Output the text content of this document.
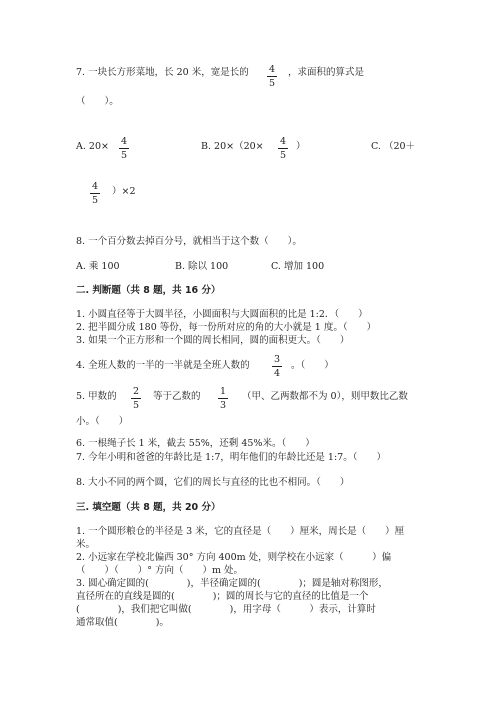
7. 一块长方形菜地，长 20 米，宽是长的	4
5
，求面积的算式是
（　　）。
A. 20×	4
5
B. 20×（20×	4
5
）	C. （20＋
4
5
）×2
8. 一个百分数去掉百分号，就相当于这个数（　　）。
A. 乘 100	B. 除以 100	C. 增加 100
二. 判断题（共 8 题，共 16 分）
1. 小圆直径等于大圆半径，小圆面积与大圆面积的比是 1:2．（　　）
2. 把半圆分成 180 等份，每一份所对应的角的大小就是 1 度。（　　）
3. 如果一个正方形和一个圆的周长相同，圆的面积更大。（　　）
4. 全班人数的一半的一半就是全班人数的
3
4
。（　　）
5. 甲数的	2
5
等于乙数的	1
3
（甲、乙两数都不为 0），则甲数比乙数
小。（　　）
6. 一根绳子长 1 米，截去 55%，还剩 45%米。（　　）
7. 今年小明和爸爸的年龄比是 1:7，明年他们的年龄比还是 1:7。（　　）
8. 大小不同的两个圆，它们的周长与直径的比也不相同。（　　）
三. 填空题（共 8 题，共 20 分）
1. 一个圆形粮仓的半径是 3 米，它的直径是（　　）厘米，周长是（　　）厘
米。
2. 小远家在学校北偏西 30° 方向 400m 处，则学校在小远家（　　　）偏
（　　）（　　）° 方向（　　）m 处。
3. 圆心确定圆的(　　　　)，半径确定圆的(　　　　)；圆是轴对称图形，
直径所在的直线是圆的(　　　　)；圆的周长与它的直径的比值是一个
(　　　　)，我们把它叫做(　　　　)，用字母（　　　）表示，计算时
通常取值(　　　　)。
